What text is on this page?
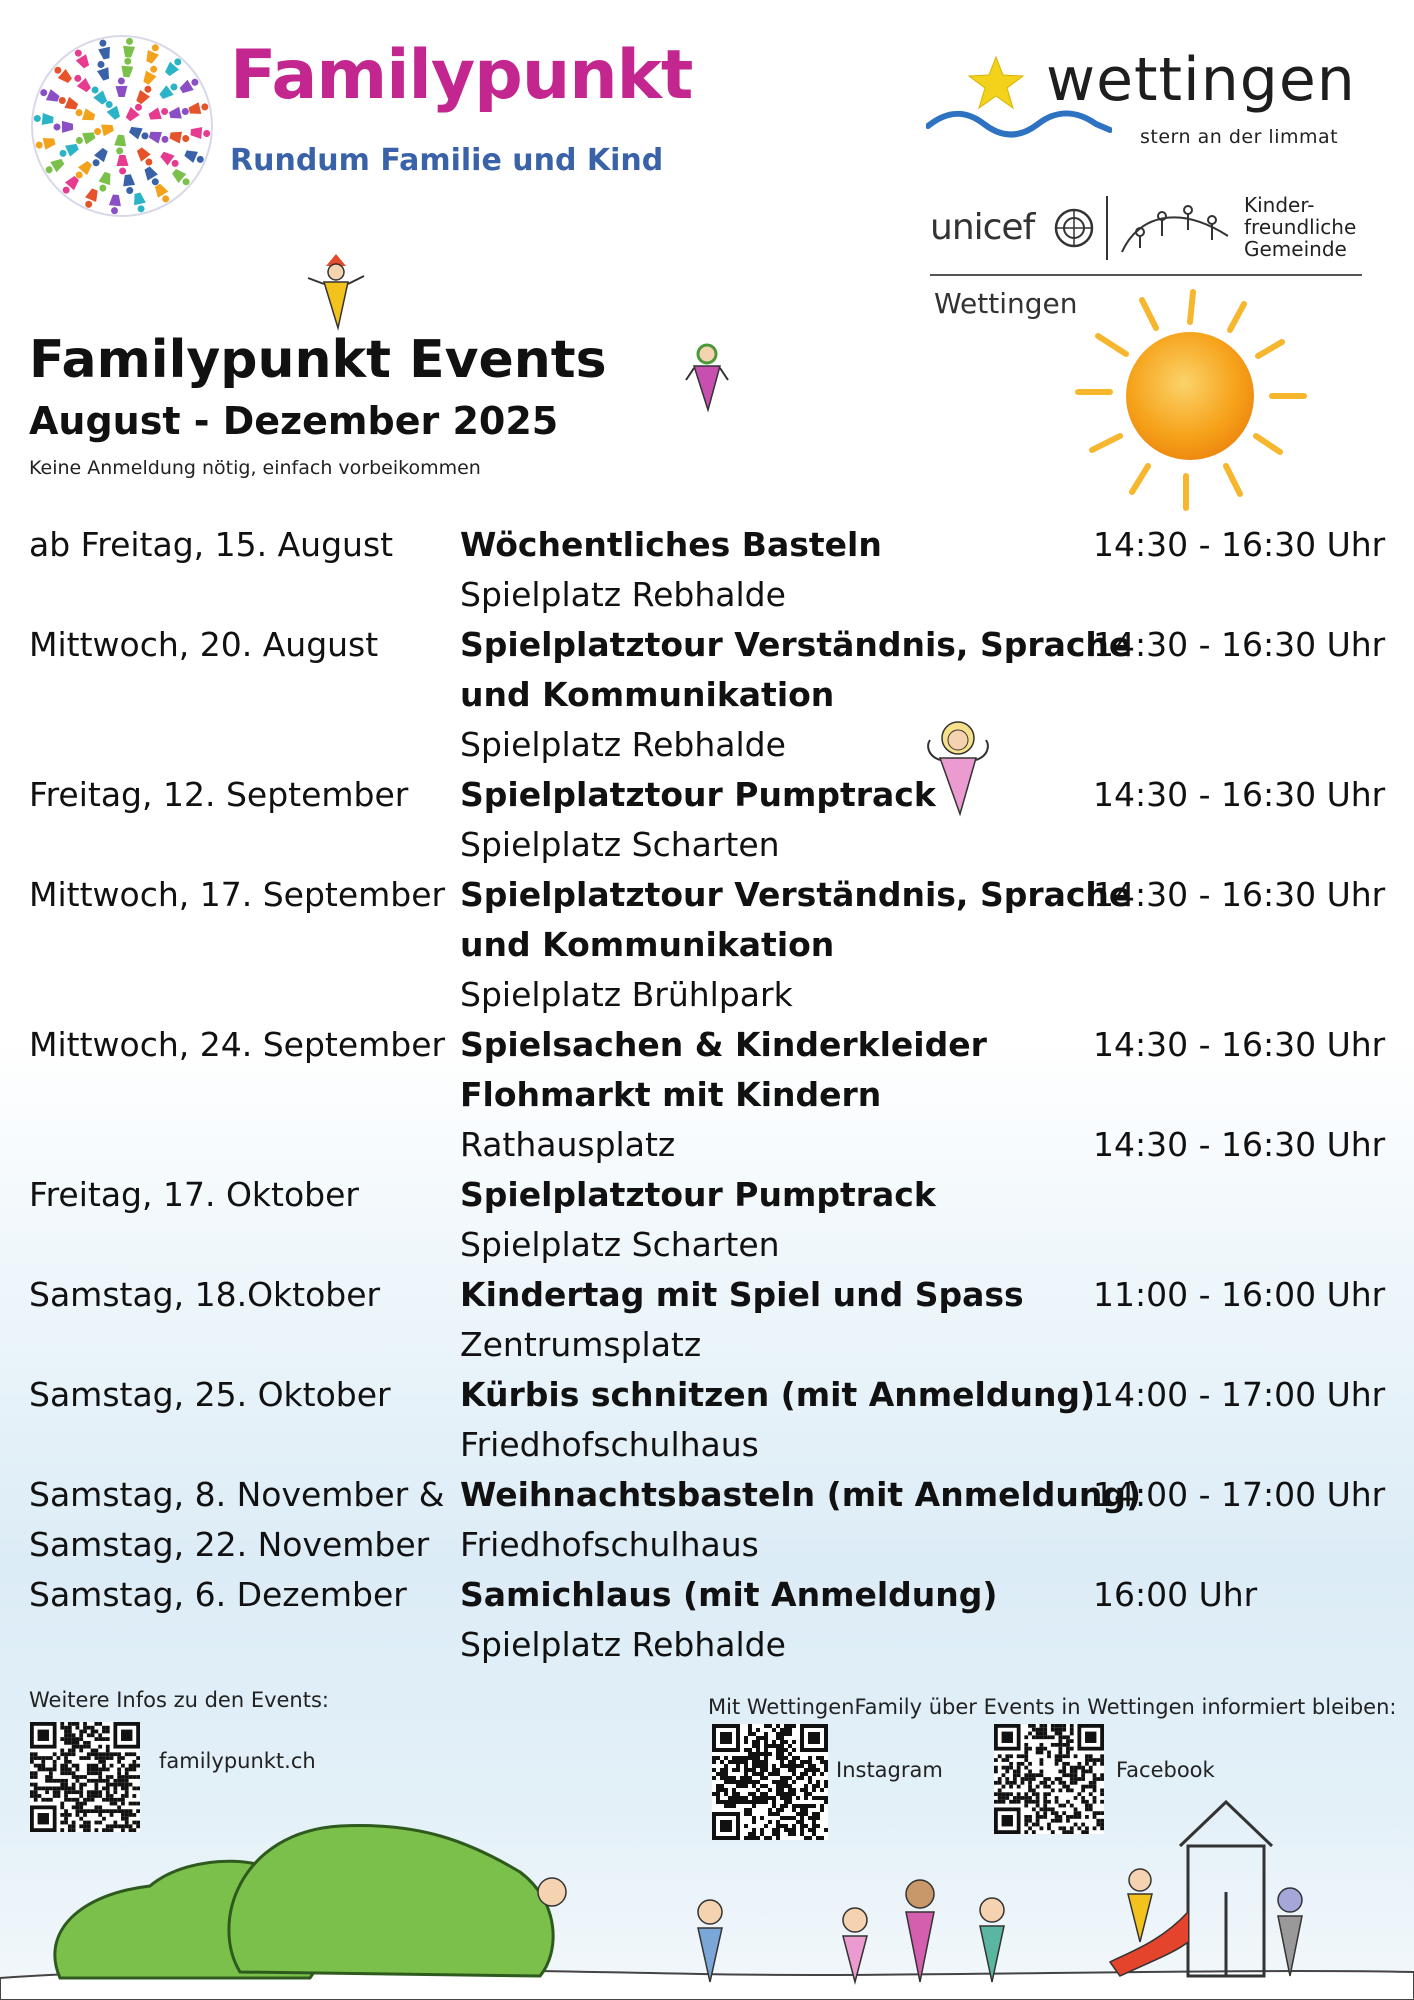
Familypunkt
Rundum Familie und Kind
wettingen
stern an der limmat
unicef
Kinder-
freundliche
Gemeinde
Wettingen
Familypunkt Events
August - Dezember 2025
Keine Anmeldung nötig, einfach vorbeikommen
ab Freitag, 15. August Wöchentliches Basteln
Spielplatz Rebhalde
14:30 - 16:30 Uhr
Mittwoch, 20. August Spielplatztour Verständnis, Sprache
und Kommunikation
Spielplatz Rebhalde
14:30 - 16:30 Uhr
Freitag, 12. September Spielplatztour Pumptrack
Spielplatz Scharten
14:30 - 16:30 Uhr
Mittwoch, 17. September Spielplatztour Verständnis, Sprache
und Kommunikation
Spielplatz Brühlpark
14:30 - 16:30 Uhr
Mittwoch, 24. September Spielsachen & Kinderkleider
Flohmarkt mit Kindern
Rathausplatz
14:30 - 16:30 Uhr
14:30 - 16:30 Uhr
Freitag, 17. Oktober	Spielplatztour Pumptrack
Spielplatz Scharten
Samstag, 18.Oktober Kindertag mit Spiel und Spass
Zentrumsplatz
11:00 - 16:00 Uhr
Samstag, 25. Oktober Kürbis schnitzen (mit Anmeldung)
Friedhofschulhaus
14:00 - 17:00 Uhr
Samstag, 8. November &
Samstag, 22. November
Weihnachtsbasteln (mit Anmeldung)
Friedhofschulhaus
14:00 - 17:00 Uhr
Samstag, 6. Dezember Samichlaus (mit Anmeldung)
Spielplatz Rebhalde
16:00 Uhr
Weitere Infos zu den Events:
familypunkt.ch
Mit WettingenFamily über Events in Wettingen informiert bleiben:
Instagram	Facebook
